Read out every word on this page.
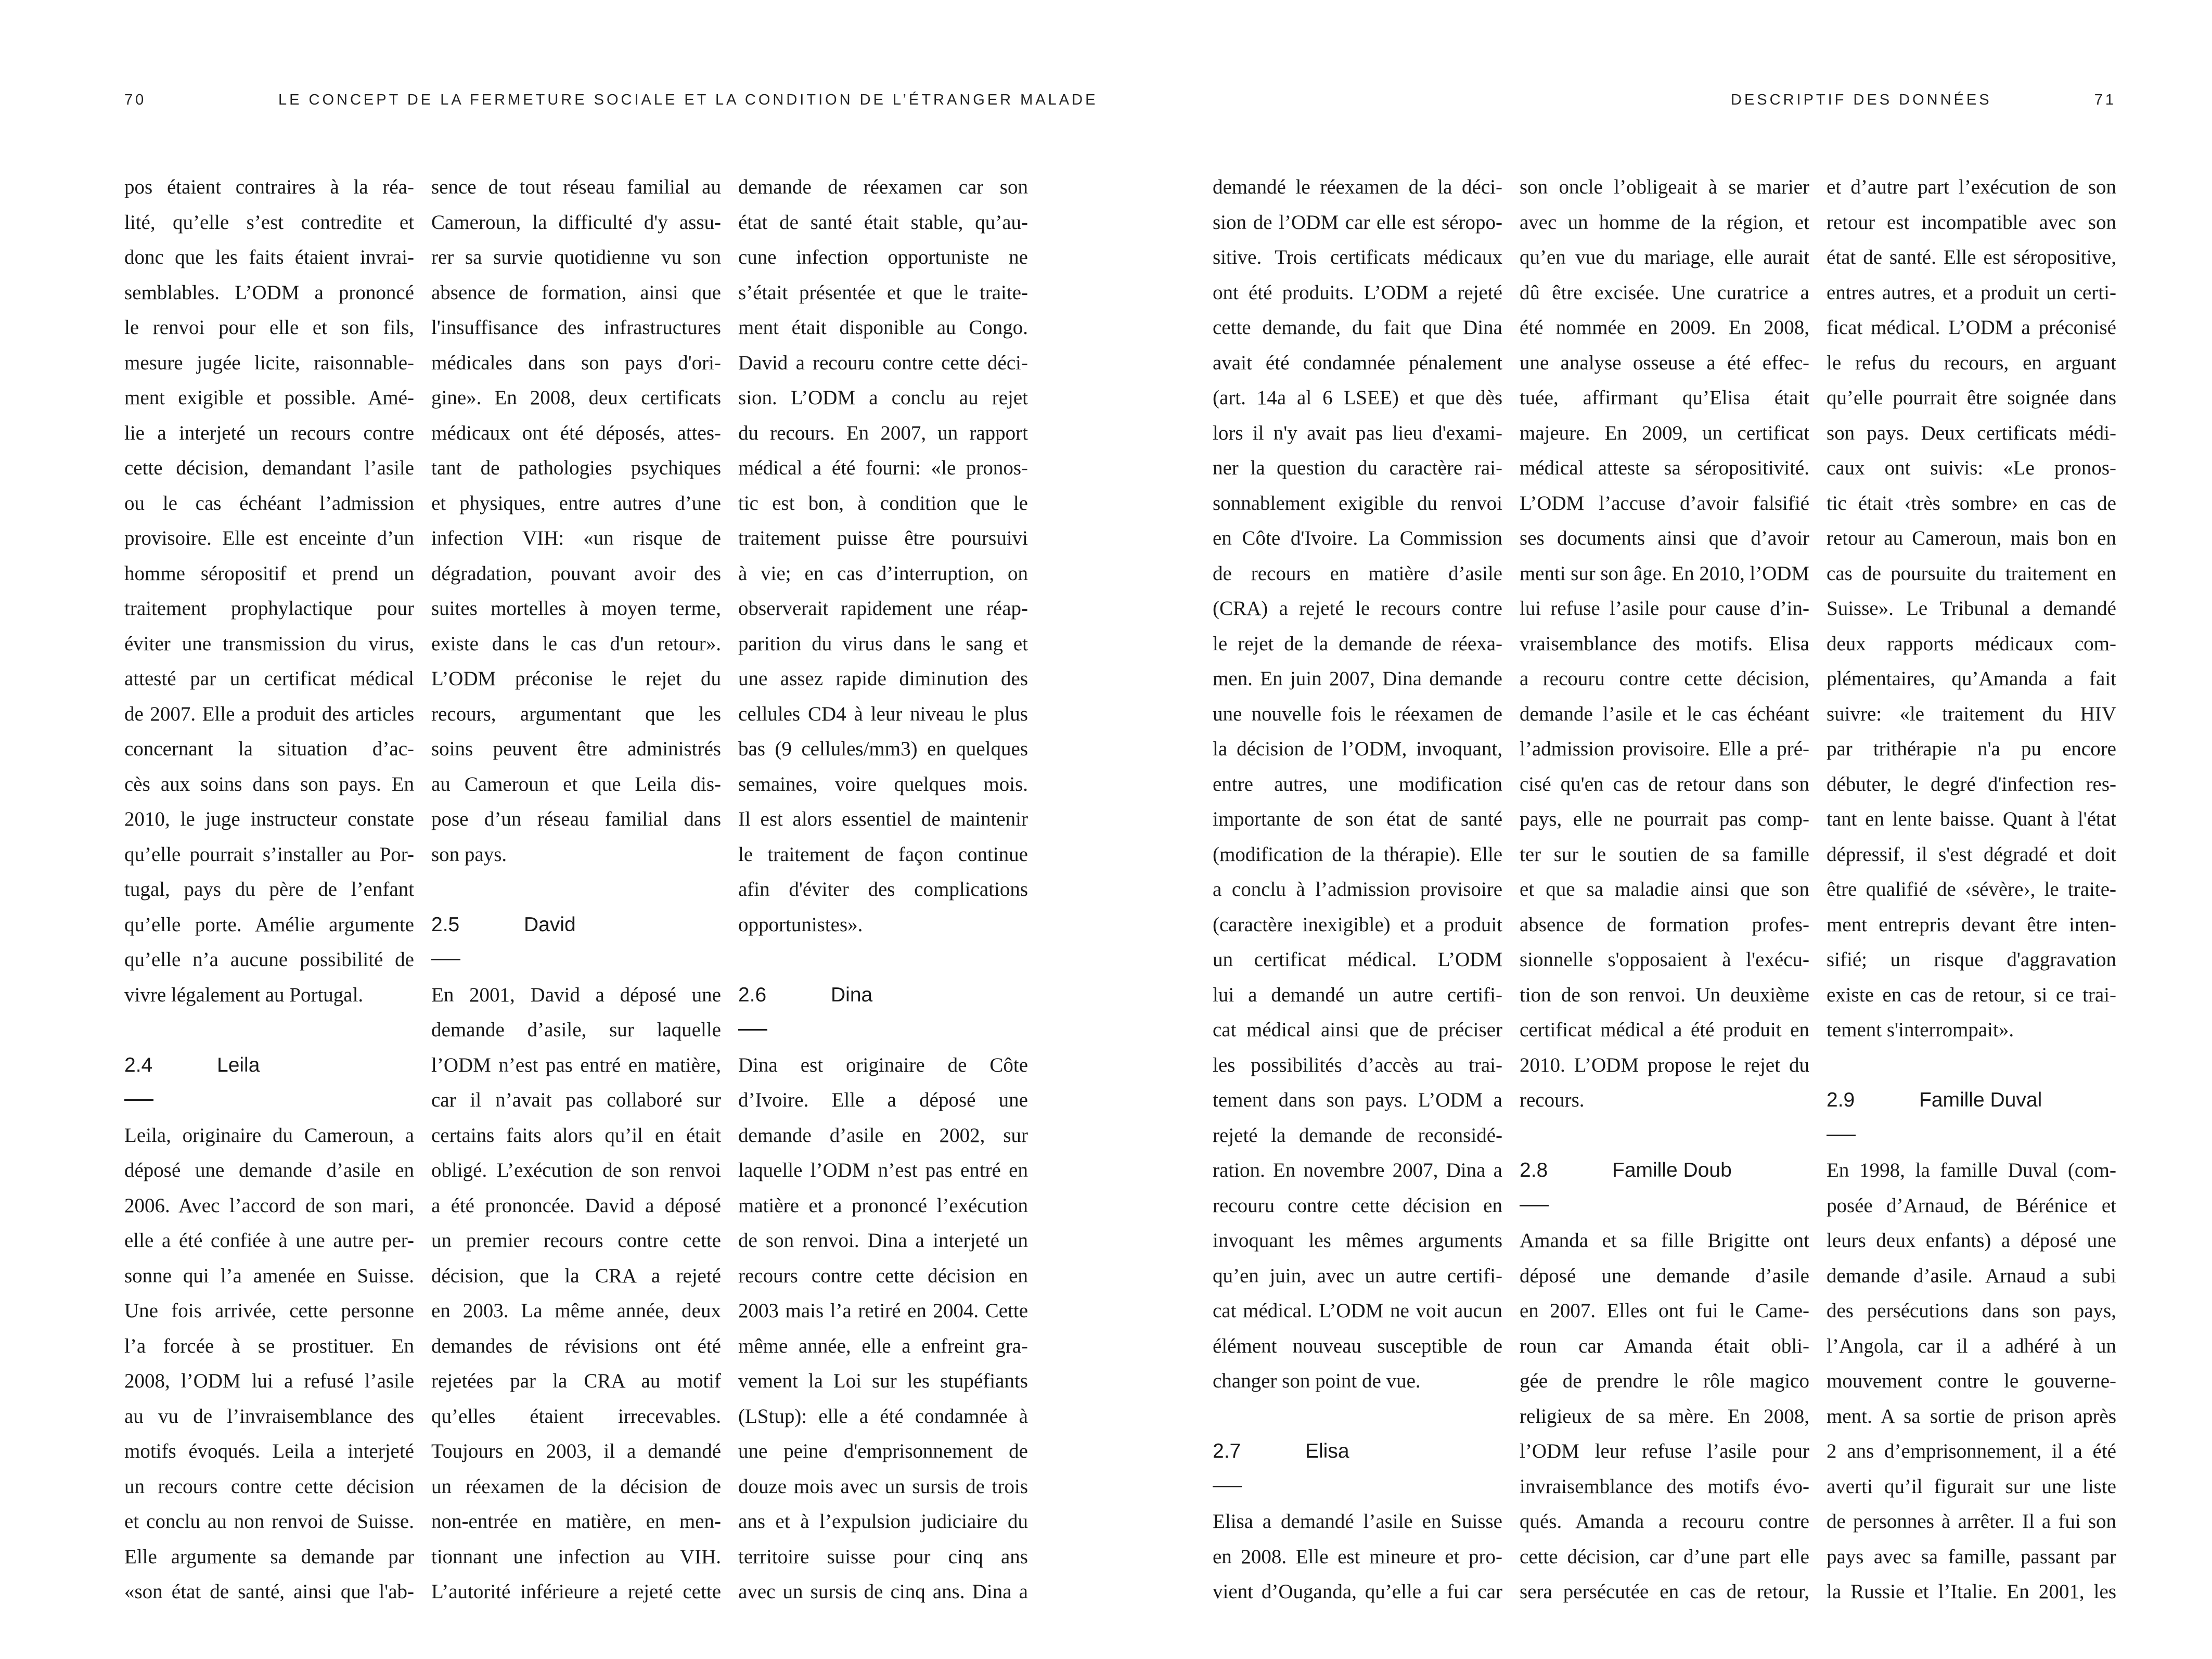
70	LE CONCEPT DE LA FERMETURE SOCIALE ET LA CONDITION DE L’ÉTRANGER MALADE	DESCRIPTIF DES DONNÉES	71
pos étaient contraires à la réa-
lité, qu’elle s’est contredite et
donc que les faits étaient invrai-
semblables. L’ODM a prononcé
le renvoi pour elle et son fils,
mesure jugée licite, raisonnable-
ment exigible et possible. Amé-
lie a interjeté un recours contre
cette décision, demandant l’asile
ou le cas échéant l’admission
provisoire. Elle est enceinte d’un
homme séropositif et prend un
traitement prophylactique pour
éviter une transmission du virus,
attesté par un certificat médical
de 2007. Elle a produit des articles
concernant la situation d’ac-
cès aux soins dans son pays. En
2010, le juge instructeur constate
qu’elle pourrait s’installer au Por-
tugal, pays du père de l’enfant
qu’elle porte. Amélie argumente
qu’elle n’a aucune possibilité de
vivre légalement au Portugal.
2.4	Leila
Leila, originaire du Cameroun, a
déposé une demande d’asile en
2006. Avec l’accord de son mari,
elle a été confiée à une autre per-
sonne qui l’a amenée en Suisse.
Une fois arrivée, cette personne
l’a forcée à se prostituer. En
2008, l’ODM lui a refusé l’asile
au vu de l’invraisemblance des
motifs évoqués. Leila a interjeté
un recours contre cette décision
et conclu au non renvoi de Suisse.
Elle argumente sa demande par
«son état de santé, ainsi que l'ab-
sence de tout réseau familial au
Cameroun, la difficulté d'y assu-
rer sa survie quotidienne vu son
absence de formation, ainsi que
l'insuffisance des infrastructures
médicales dans son pays d'ori-
gine». En 2008, deux certificats
médicaux ont été déposés, attes-
tant de pathologies psychiques
et physiques, entre autres d’une
infection VIH: «un risque de
dégradation, pouvant avoir des
suites mortelles à moyen terme,
existe dans le cas d'un retour».
L’ODM préconise le rejet du
recours, argumentant que les
soins peuvent être administrés
au Cameroun et que Leila dis-
pose d’un réseau familial dans
son pays.
2.5	David
En 2001, David a déposé une
demande d’asile, sur laquelle
l’ODM n’est pas entré en matière,
car il n’avait pas collaboré sur
certains faits alors qu’il en était
obligé. L’exécution de son renvoi
a été prononcée. David a déposé
un premier recours contre cette
décision, que la CRA a rejeté
en 2003. La même année, deux
demandes de révisions ont été
rejetées par la CRA au motif
qu’elles étaient irrecevables.
Toujours en 2003, il a demandé
un réexamen de la décision de
non-entrée en matière, en men-
tionnant une infection au VIH.
L’autorité inférieure a rejeté cette
demande de réexamen car son
état de santé était stable, qu’au-
cune infection opportuniste ne
s’était présentée et que le traite-
ment était disponible au Congo.
David a recouru contre cette déci-
sion. L’ODM a conclu au rejet
du recours. En 2007, un rapport
médical a été fourni: «le pronos-
tic est bon, à condition que le
traitement puisse être poursuivi
à vie; en cas d’interruption, on
observerait rapidement une réap-
parition du virus dans le sang et
une assez rapide diminution des
cellules CD4 à leur niveau le plus
bas (9 cellules/mm3) en quelques
semaines, voire quelques mois.
Il est alors essentiel de maintenir
le traitement de façon continue
afin d'éviter des complications
opportunistes».
2.6	Dina
Dina est originaire de Côte
d’Ivoire. Elle a déposé une
demande d’asile en 2002, sur
laquelle l’ODM n’est pas entré en
matière et a prononcé l’exécution
de son renvoi. Dina a interjeté un
recours contre cette décision en
2003 mais l’a retiré en 2004. Cette
même année, elle a enfreint gra-
vement la Loi sur les stupéfiants
(LStup): elle a été condamnée à
une peine d'emprisonnement de
douze mois avec un sursis de trois
ans et à l’expulsion judiciaire du
territoire suisse pour cinq ans
avec un sursis de cinq ans. Dina a
demandé le réexamen de la déci-
sion de l’ODM car elle est séropo-
sitive. Trois certificats médicaux
ont été produits. L’ODM a rejeté
cette demande, du fait que Dina
avait été condamnée pénalement
(art. 14a al 6 LSEE) et que dès
lors il n'y avait pas lieu d'exami-
ner la question du caractère rai-
sonnablement exigible du renvoi
en Côte d'Ivoire. La Commission
de recours en matière d’asile
(CRA) a rejeté le recours contre
le rejet de la demande de réexa-
men. En juin 2007, Dina demande
une nouvelle fois le réexamen de
la décision de l’ODM, invoquant,
entre autres, une modification
importante de son état de santé
(modification de la thérapie). Elle
a conclu à l’admission provisoire
(caractère inexigible) et a produit
un certificat médical. L’ODM
lui a demandé un autre certifi-
cat médical ainsi que de préciser
les possibilités d’accès au trai-
tement dans son pays. L’ODM a
rejeté la demande de reconsidé-
ration. En novembre 2007, Dina a
recouru contre cette décision en
invoquant les mêmes arguments
qu’en juin, avec un autre certifi-
cat médical. L’ODM ne voit aucun
élément nouveau susceptible de
changer son point de vue.
2.7	Elisa
Elisa a demandé l’asile en Suisse
en 2008. Elle est mineure et pro-
vient d’Ouganda, qu’elle a fui car
son oncle l’obligeait à se marier
avec un homme de la région, et
qu’en vue du mariage, elle aurait
dû être excisée. Une curatrice a
été nommée en 2009. En 2008,
une analyse osseuse a été effec-
tuée, affirmant qu’Elisa était
majeure. En 2009, un certificat
médical atteste sa séropositivité.
L’ODM l’accuse d’avoir falsifié
ses documents ainsi que d’avoir
menti sur son âge. En 2010, l’ODM
lui refuse l’asile pour cause d’in-
vraisemblance des motifs. Elisa
a recouru contre cette décision,
demande l’asile et le cas échéant
l’admission provisoire. Elle a pré-
cisé qu'en cas de retour dans son
pays, elle ne pourrait pas comp-
ter sur le soutien de sa famille
et que sa maladie ainsi que son
absence de formation profes-
sionnelle s'opposaient à l'exécu-
tion de son renvoi. Un deuxième
certificat médical a été produit en
2010. L’ODM propose le rejet du
recours.
2.8	Famille Doub
Amanda et sa fille Brigitte ont
déposé une demande d’asile
en 2007. Elles ont fui le Came-
roun car Amanda était obli-
gée de prendre le rôle magico
religieux de sa mère. En 2008,
l’ODM leur refuse l’asile pour
invraisemblance des motifs évo-
qués. Amanda a recouru contre
cette décision, car d’une part elle
sera persécutée en cas de retour,
et d’autre part l’exécution de son
retour est incompatible avec son
état de santé. Elle est séropositive,
entres autres, et a produit un certi-
ficat médical. L’ODM a préconisé
le refus du recours, en arguant
qu’elle pourrait être soignée dans
son pays. Deux certificats médi-
caux ont suivis: «Le pronos-
tic était ‹très sombre› en cas de
retour au Cameroun, mais bon en
cas de poursuite du traitement en
Suisse». Le Tribunal a demandé
deux rapports médicaux com-
plémentaires, qu’Amanda a fait
suivre: «le traitement du HIV
par trithérapie n'a pu encore
débuter, le degré d'infection res-
tant en lente baisse. Quant à l'état
dépressif, il s'est dégradé et doit
être qualifié de ‹sévère›, le traite-
ment entrepris devant être inten-
sifié; un risque d'aggravation
existe en cas de retour, si ce trai-
tement s'interrompait».
2.9	Famille Duval
En 1998, la famille Duval (com-
posée d’Arnaud, de Bérénice et
leurs deux enfants) a déposé une
demande d’asile. Arnaud a subi
des persécutions dans son pays,
l’Angola, car il a adhéré à un
mouvement contre le gouverne-
ment. A sa sortie de prison après
2 ans d’emprisonnement, il a été
averti qu’il figurait sur une liste
de personnes à arrêter. Il a fui son
pays avec sa famille, passant par
la Russie et l’Italie. En 2001, les
